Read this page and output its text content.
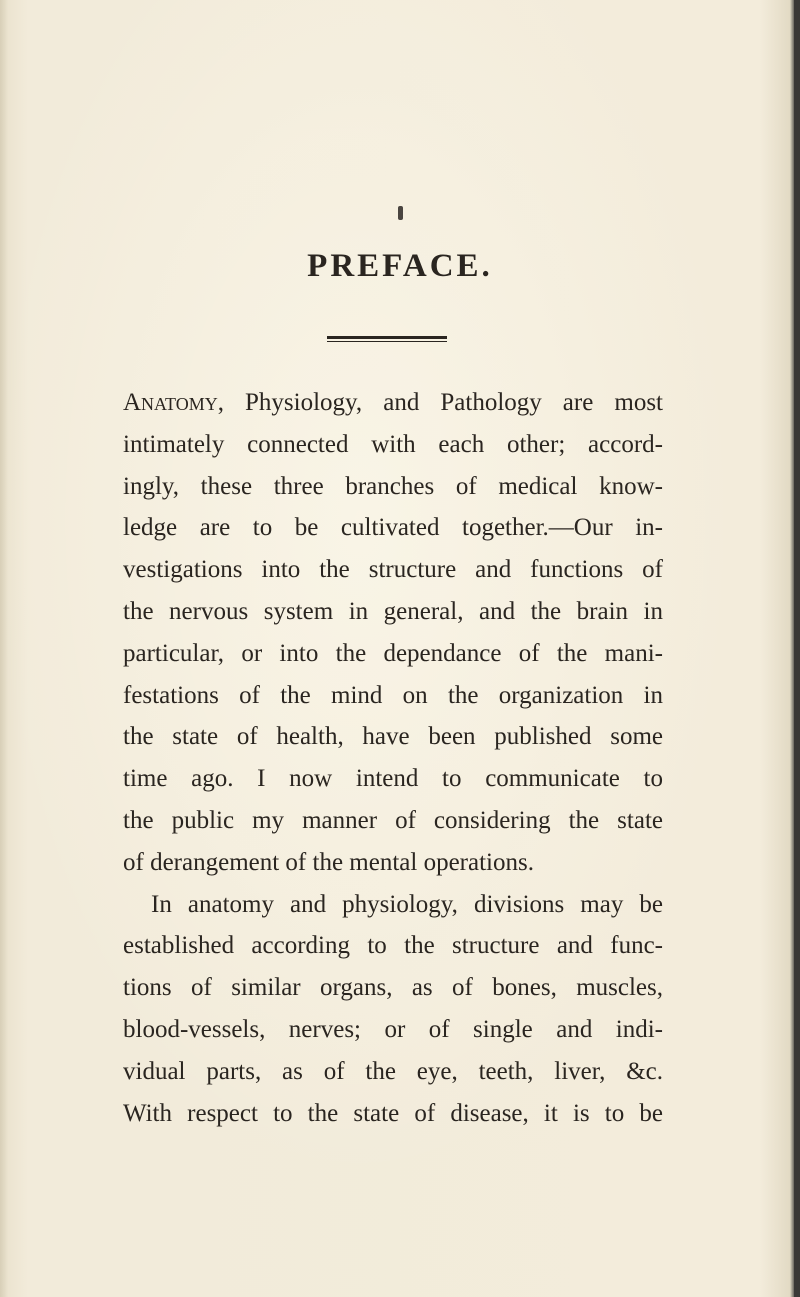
PREFACE.
Anatomy, Physiology, and Pathology are most
intimately connected with each other; accord-
ingly, these three branches of medical know-
ledge are to be cultivated together.—Our in-
vestigations into the structure and functions of
the nervous system in general, and the brain in
particular, or into the dependance of the mani-
festations of the mind on the organization in
the state of health, have been published some
time ago. I now intend to communicate to
the public my manner of considering the state
of derangement of the mental operations.
In anatomy and physiology, divisions may be
established according to the structure and func-
tions of similar organs, as of bones, muscles,
blood-vessels, nerves; or of single and indi-
vidual parts, as of the eye, teeth, liver, &c.
With respect to the state of disease, it is to be
